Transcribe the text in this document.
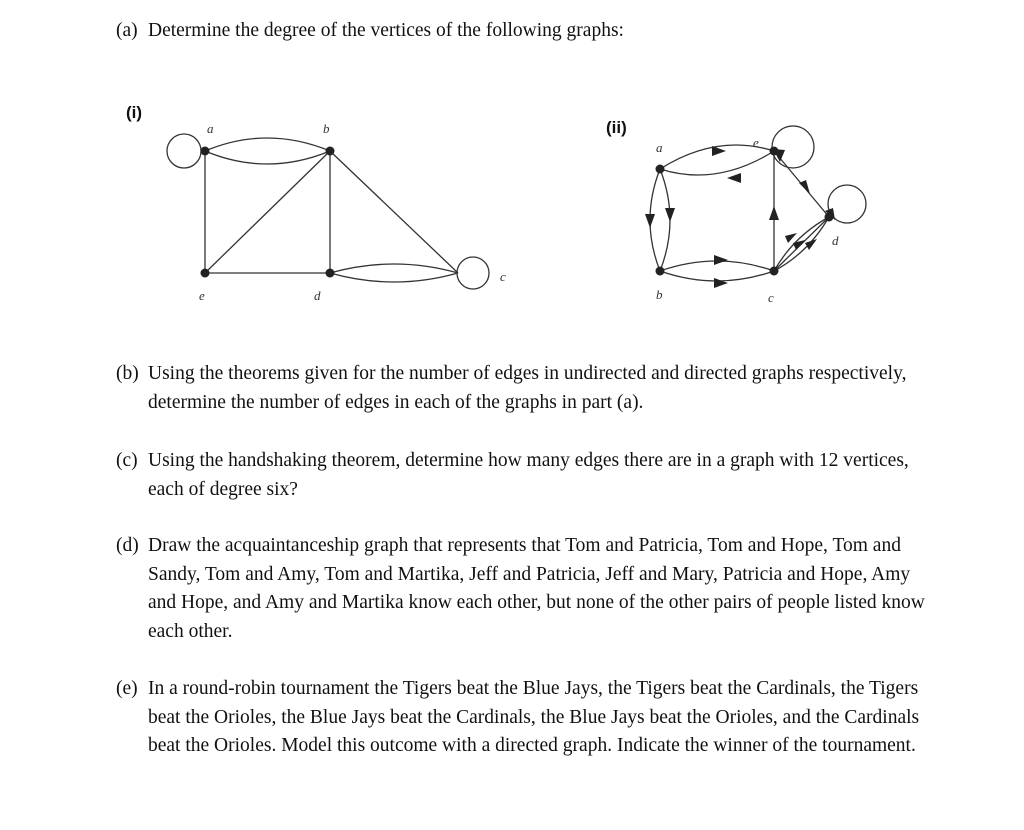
(a) Determine the degree of the vertices of the following graphs:
(i)
(ii)
a	b
c
d
e
a
b	c
d
e
(b) Using the theorems given for the number of edges in undirected and directed graphs respectively, determine the number of edges in each of the graphs in part (a).
(c) Using the handshaking theorem, determine how many edges there are in a graph with 12 vertices, each of degree six?
(d) Draw the acquaintanceship graph that represents that Tom and Patricia, Tom and Hope, Tom and Sandy, Tom and Amy, Tom and Martika, Jeff and Patricia, Jeff and Mary, Patricia and Hope, Amy and Hope, and Amy and Martika know each other, but none of the other pairs of people listed know each other.
(e) In a round-robin tournament the Tigers beat the Blue Jays, the Tigers beat the Cardinals, the Tigers beat the Orioles, the Blue Jays beat the Cardinals, the Blue Jays beat the Orioles, and the Cardinals beat the Orioles. Model this outcome with a directed graph. Indicate the winner of the tournament.
